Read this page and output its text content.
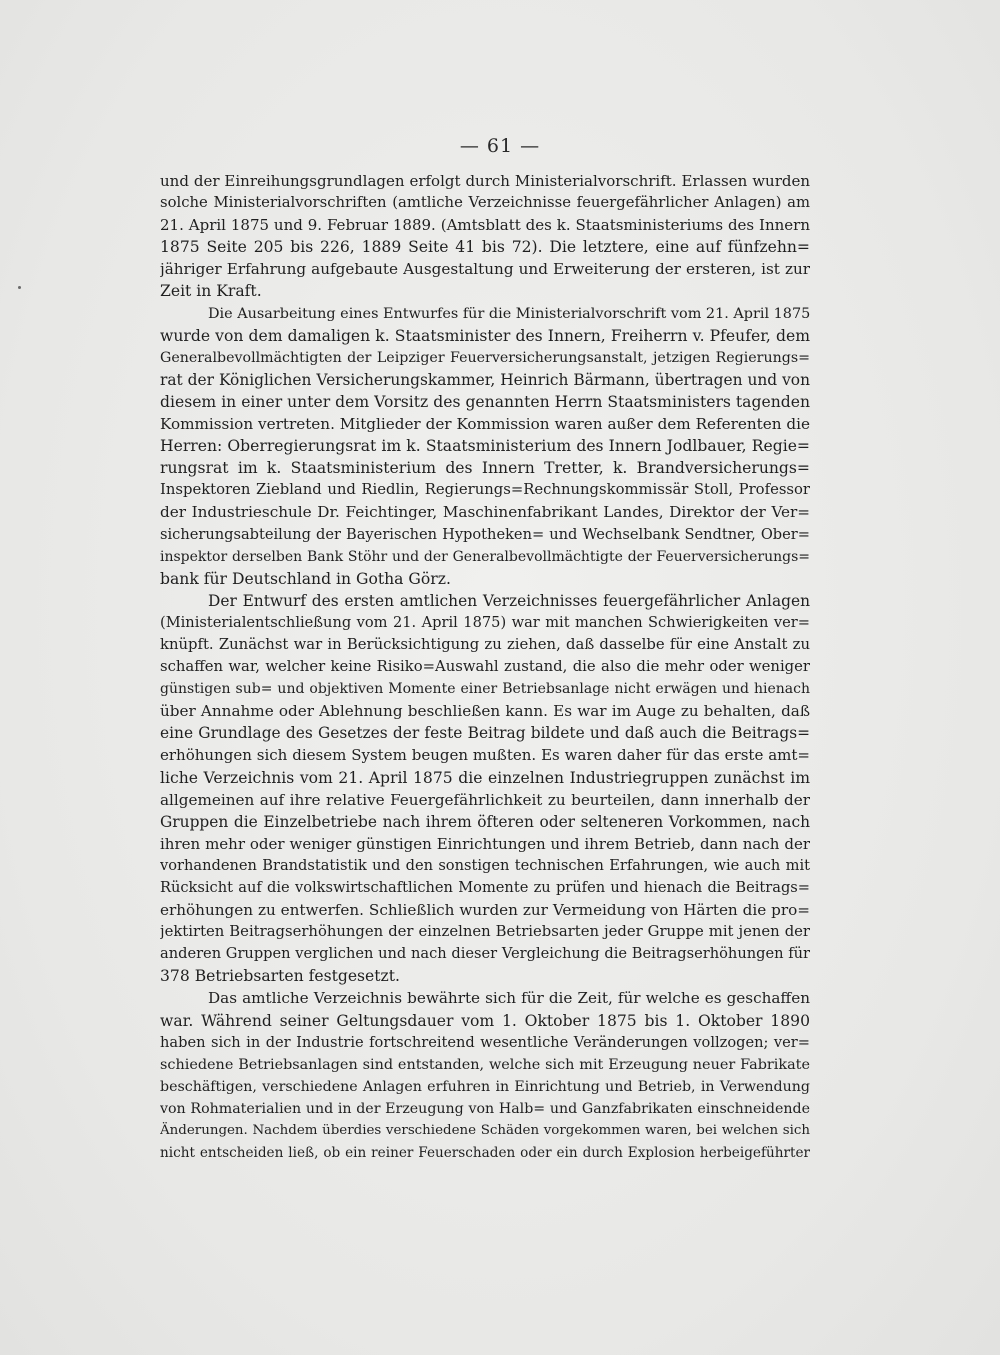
— 61 —
und der Einreihungsgrundlagen erfolgt durch Ministerialvorschrift. Erlassen wurden
solche Ministerialvorschriften (amtliche Verzeichnisse feuergefährlicher Anlagen) am
21. April 1875 und 9. Februar 1889. (Amtsblatt des k. Staatsministeriums des Innern
1875 Seite 205 bis 226, 1889 Seite 41 bis 72). Die letztere, eine auf fünfzehn=
jähriger Erfahrung aufgebaute Ausgestaltung und Erweiterung der ersteren, ist zur
Zeit in Kraft.
Die Ausarbeitung eines Entwurfes für die Ministerialvorschrift vom 21. April 1875
wurde von dem damaligen k. Staatsminister des Innern, Freiherrn v. Pfeufer, dem
Generalbevollmächtigten der Leipziger Feuerversicherungsanstalt, jetzigen Regierungs=
rat der Königlichen Versicherungskammer, Heinrich Bärmann, übertragen und von
diesem in einer unter dem Vorsitz des genannten Herrn Staatsministers tagenden
Kommission vertreten. Mitglieder der Kommission waren außer dem Referenten die
Herren: Oberregierungsrat im k. Staatsministerium des Innern Jodlbauer, Regie=
rungsrat im k. Staatsministerium des Innern Tretter, k. Brandversicherungs=
Inspektoren Ziebland und Riedlin, Regierungs=Rechnungskommissär Stoll, Professor
der Industrieschule Dr. Feichtinger, Maschinenfabrikant Landes, Direktor der Ver=
sicherungsabteilung der Bayerischen Hypotheken= und Wechselbank Sendtner, Ober=
inspektor derselben Bank Stöhr und der Generalbevollmächtigte der Feuerversicherungs=
bank für Deutschland in Gotha Görz.
Der Entwurf des ersten amtlichen Verzeichnisses feuergefährlicher Anlagen
(Ministerialentschließung vom 21. April 1875) war mit manchen Schwierigkeiten ver=
knüpft. Zunächst war in Berücksichtigung zu ziehen, daß dasselbe für eine Anstalt zu
schaffen war, welcher keine Risiko=Auswahl zustand, die also die mehr oder weniger
günstigen sub= und objektiven Momente einer Betriebsanlage nicht erwägen und hienach
über Annahme oder Ablehnung beschließen kann. Es war im Auge zu behalten, daß
eine Grundlage des Gesetzes der feste Beitrag bildete und daß auch die Beitrags=
erhöhungen sich diesem System beugen mußten. Es waren daher für das erste amt=
liche Verzeichnis vom 21. April 1875 die einzelnen Industriegruppen zunächst im
allgemeinen auf ihre relative Feuergefährlichkeit zu beurteilen, dann innerhalb der
Gruppen die Einzelbetriebe nach ihrem öfteren oder selteneren Vorkommen, nach
ihren mehr oder weniger günstigen Einrichtungen und ihrem Betrieb, dann nach der
vorhandenen Brandstatistik und den sonstigen technischen Erfahrungen, wie auch mit
Rücksicht auf die volkswirtschaftlichen Momente zu prüfen und hienach die Beitrags=
erhöhungen zu entwerfen. Schließlich wurden zur Vermeidung von Härten die pro=
jektirten Beitragserhöhungen der einzelnen Betriebsarten jeder Gruppe mit jenen der
anderen Gruppen verglichen und nach dieser Vergleichung die Beitragserhöhungen für
378 Betriebsarten festgesetzt.
Das amtliche Verzeichnis bewährte sich für die Zeit, für welche es geschaffen
war. Während seiner Geltungsdauer vom 1. Oktober 1875 bis 1. Oktober 1890
haben sich in der Industrie fortschreitend wesentliche Veränderungen vollzogen; ver=
schiedene Betriebsanlagen sind entstanden, welche sich mit Erzeugung neuer Fabrikate
beschäftigen, verschiedene Anlagen erfuhren in Einrichtung und Betrieb, in Verwendung
von Rohmaterialien und in der Erzeugung von Halb= und Ganzfabrikaten einschneidende
Änderungen. Nachdem überdies verschiedene Schäden vorgekommen waren, bei welchen sich
nicht entscheiden ließ, ob ein reiner Feuerschaden oder ein durch Explosion herbeigeführter
